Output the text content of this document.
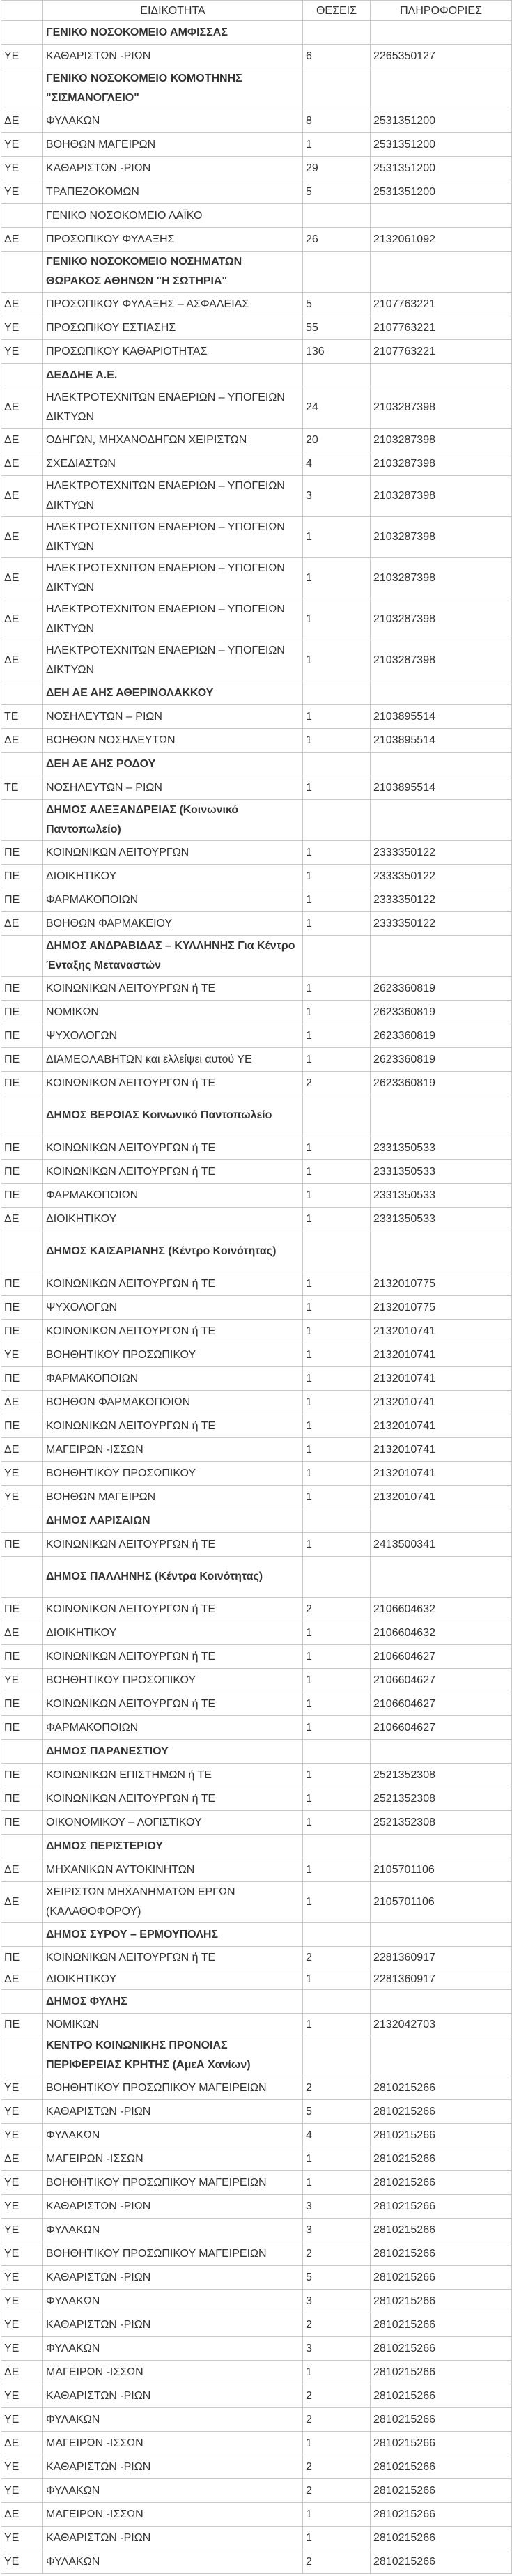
	ΕΙΔΙΚΟΤΗΤΑ	ΘΕΣΕΙΣ	ΠΛΗΡΟΦΟΡΙΕΣ
	ΓΕΝΙΚΟ ΝΟΣΟΚΟΜΕΙΟ ΑΜΦΙΣΣΑΣ		
ΥΕ	ΚΑΘΑΡΙΣΤΩΝ -ΡΙΩΝ	6	2265350127
	ΓΕΝΙΚΟ ΝΟΣΟΚΟΜΕΙΟ ΚΟΜΟΤΗΝΗΣ "ΣΙΣΜΑΝΟΓΛΕΙΟ"		
ΔΕ	ΦΥΛΑΚΩΝ	8	2531351200
ΥΕ	ΒΟΗΘΩΝ ΜΑΓΕΙΡΩΝ	1	2531351200
ΥΕ	ΚΑΘΑΡΙΣΤΩΝ -ΡΙΩΝ	29	2531351200
ΥΕ	ΤΡΑΠΕΖΟΚΟΜΩΝ	5	2531351200
	ΓΕΝΙΚΟ ΝΟΣΟΚΟΜΕΙΟ ΛΑΪΚΟ		
ΔΕ	ΠΡΟΣΩΠΙΚΟΥ ΦΥΛΑΞΗΣ	26	2132061092
	ΓΕΝΙΚΟ ΝΟΣΟΚΟΜΕΙΟ ΝΟΣΗΜΑΤΩΝ ΘΩΡΑΚΟΣ ΑΘΗΝΩΝ "Η ΣΩΤΗΡΙΑ"		
ΔΕ	ΠΡΟΣΩΠΙΚΟΥ ΦΥΛΑΞΗΣ – ΑΣΦΑΛΕΙΑΣ	5	2107763221
ΥΕ	ΠΡΟΣΩΠΙΚΟΥ ΕΣΤΙΑΣΗΣ	55	2107763221
ΥΕ	ΠΡΟΣΩΠΙΚΟΥ ΚΑΘΑΡΙΟΤΗΤΑΣ	136	2107763221
	ΔΕΔΔΗΕ Α.Ε.		
ΔΕ	ΗΛΕΚΤΡΟΤΕΧΝΙΤΩΝ ΕΝΑΕΡΙΩΝ – ΥΠΟΓΕΙΩΝ ΔΙΚΤΥΩΝ	24	2103287398
ΔΕ	ΟΔΗΓΩΝ, ΜΗΧΑΝΟΔΗΓΩΝ ΧΕΙΡΙΣΤΩΝ	20	2103287398
ΔΕ	ΣΧΕΔΙΑΣΤΩΝ	4	2103287398
ΔΕ	ΗΛΕΚΤΡΟΤΕΧΝΙΤΩΝ ΕΝΑΕΡΙΩΝ – ΥΠΟΓΕΙΩΝ ΔΙΚΤΥΩΝ	3	2103287398
ΔΕ	ΗΛΕΚΤΡΟΤΕΧΝΙΤΩΝ ΕΝΑΕΡΙΩΝ – ΥΠΟΓΕΙΩΝ ΔΙΚΤΥΩΝ	1	2103287398
ΔΕ	ΗΛΕΚΤΡΟΤΕΧΝΙΤΩΝ ΕΝΑΕΡΙΩΝ – ΥΠΟΓΕΙΩΝ ΔΙΚΤΥΩΝ	1	2103287398
ΔΕ	ΗΛΕΚΤΡΟΤΕΧΝΙΤΩΝ ΕΝΑΕΡΙΩΝ – ΥΠΟΓΕΙΩΝ ΔΙΚΤΥΩΝ	1	2103287398
ΔΕ	ΗΛΕΚΤΡΟΤΕΧΝΙΤΩΝ ΕΝΑΕΡΙΩΝ – ΥΠΟΓΕΙΩΝ ΔΙΚΤΥΩΝ	1	2103287398
	ΔΕΗ ΑΕ ΑΗΣ ΑΘΕΡΙΝΟΛΑΚΚΟΥ		
ΤΕ	ΝΟΣΗΛΕΥΤΩΝ – ΡΙΩΝ	1	2103895514
ΔΕ	ΒΟΗΘΩΝ ΝΟΣΗΛΕΥΤΩΝ	1	2103895514
	ΔΕΗ ΑΕ ΑΗΣ ΡΟΔΟΥ		
ΤΕ	ΝΟΣΗΛΕΥΤΩΝ – ΡΙΩΝ	1	2103895514
	ΔΗΜΟΣ ΑΛΕΞΑΝΔΡΕΙΑΣ (Κοινωνικό Παντοπωλείο)		
ΠΕ	ΚΟΙΝΩΝΙΚΩΝ ΛΕΙΤΟΥΡΓΩΝ	1	2333350122
ΠΕ	ΔΙΟΙΚΗΤΙΚΟΥ	1	2333350122
ΠΕ	ΦΑΡΜΑΚΟΠΟΙΩΝ	1	2333350122
ΔΕ	ΒΟΗΘΩΝ ΦΑΡΜΑΚΕΙΟΥ	1	2333350122
	ΔΗΜΟΣ ΑΝΔΡΑΒΙΔΑΣ – ΚΥΛΛΗΝΗΣ Για Κέντρο Ένταξης Μεταναστών		
ΠΕ	ΚΟΙΝΩΝΙΚΩΝ ΛΕΙΤΟΥΡΓΩΝ ή ΤΕ	1	2623360819
ΠΕ	ΝΟΜΙΚΩΝ	1	2623360819
ΠΕ	ΨΥΧΟΛΟΓΩΝ	1	2623360819
ΠΕ	ΔΙΑΜΕΟΛΑΒΗΤΩΝ και ελλείψει αυτού ΥΕ	1	2623360819
ΠΕ	ΚΟΙΝΩΝΙΚΩΝ ΛΕΙΤΟΥΡΓΩΝ ή ΤΕ	2	2623360819
	ΔΗΜΟΣ ΒΕΡΟΙΑΣ Κοινωνικό Παντοπωλείο		
ΠΕ	ΚΟΙΝΩΝΙΚΩΝ ΛΕΙΤΟΥΡΓΩΝ ή ΤΕ	1	2331350533
ΠΕ	ΚΟΙΝΩΝΙΚΩΝ ΛΕΙΤΟΥΡΓΩΝ ή ΤΕ	1	2331350533
ΠΕ	ΦΑΡΜΑΚΟΠΟΙΩΝ	1	2331350533
ΔΕ	ΔΙΟΙΚΗΤΙΚΟΥ	1	2331350533
	ΔΗΜΟΣ ΚΑΙΣΑΡΙΑΝΗΣ (Κέντρο Κοινότητας)		
ΠΕ	ΚΟΙΝΩΝΙΚΩΝ ΛΕΙΤΟΥΡΓΩΝ ή ΤΕ	1	2132010775
ΠΕ	ΨΥΧΟΛΟΓΩΝ	1	2132010775
ΠΕ	ΚΟΙΝΩΝΙΚΩΝ ΛΕΙΤΟΥΡΓΩΝ ή ΤΕ	1	2132010741
ΥΕ	ΒΟΗΘΗΤΙΚΟΥ ΠΡΟΣΩΠΙΚΟΥ	1	2132010741
ΠΕ	ΦΑΡΜΑΚΟΠΟΙΩΝ	1	2132010741
ΔΕ	ΒΟΗΘΩΝ ΦΑΡΜΑΚΟΠΟΙΩΝ	1	2132010741
ΠΕ	ΚΟΙΝΩΝΙΚΩΝ ΛΕΙΤΟΥΡΓΩΝ ή ΤΕ	1	2132010741
ΔΕ	ΜΑΓΕΙΡΩΝ -ΙΣΣΩΝ	1	2132010741
ΥΕ	ΒΟΗΘΗΤΙΚΟΥ ΠΡΟΣΩΠΙΚΟΥ	1	2132010741
ΥΕ	ΒΟΗΘΩΝ ΜΑΓΕΙΡΩΝ	1	2132010741
	ΔΗΜΟΣ ΛΑΡΙΣΑΙΩΝ		
ΠΕ	ΚΟΙΝΩΝΙΚΩΝ ΛΕΙΤΟΥΡΓΩΝ ή ΤΕ	1	2413500341
	ΔΗΜΟΣ ΠΑΛΛΗΝΗΣ (Κέντρα Κοινότητας)		
ΠΕ	ΚΟΙΝΩΝΙΚΩΝ ΛΕΙΤΟΥΡΓΩΝ ή ΤΕ	2	2106604632
ΔΕ	ΔΙΟΙΚΗΤΙΚΟΥ	1	2106604632
ΠΕ	ΚΟΙΝΩΝΙΚΩΝ ΛΕΙΤΟΥΡΓΩΝ ή ΤΕ	1	2106604627
ΥΕ	ΒΟΗΘΗΤΙΚΟΥ ΠΡΟΣΩΠΙΚΟΥ	1	2106604627
ΠΕ	ΚΟΙΝΩΝΙΚΩΝ ΛΕΙΤΟΥΡΓΩΝ ή ΤΕ	1	2106604627
ΠΕ	ΦΑΡΜΑΚΟΠΟΙΩΝ	1	2106604627
	ΔΗΜΟΣ ΠΑΡΑΝΕΣΤΙΟΥ		
ΠΕ	ΚΟΙΝΩΝΙΚΩΝ ΕΠΙΣΤΗΜΩΝ ή ΤΕ	1	2521352308
ΠΕ	ΚΟΙΝΩΝΙΚΩΝ ΛΕΙΤΟΥΡΓΩΝ ή ΤΕ	1	2521352308
ΠΕ	ΟΙΚΟΝΟΜΙΚΟΥ – ΛΟΓΙΣΤΙΚΟΥ	1	2521352308
	ΔΗΜΟΣ ΠΕΡΙΣΤΕΡΙΟΥ		
ΔΕ	ΜΗΧΑΝΙΚΩΝ ΑΥΤΟΚΙΝΗΤΩΝ	1	2105701106
ΔΕ	ΧΕΙΡΙΣΤΩΝ ΜΗΧΑΝΗΜΑΤΩΝ ΕΡΓΩΝ (ΚΑΛΑΘΟΦΟΡΟΥ)	1	2105701106
	ΔΗΜΟΣ ΣΥΡΟΥ – ΕΡΜΟΥΠΟΛΗΣ		
ΠΕ	ΚΟΙΝΩΝΙΚΩΝ ΛΕΙΤΟΥΡΓΩΝ ή ΤΕ	2	2281360917
ΔΕ	ΔΙΟΙΚΗΤΙΚΟΥ	1	2281360917
	ΔΗΜΟΣ ΦΥΛΗΣ		
ΠΕ	ΝΟΜΙΚΩΝ	1	2132042703
	ΚΕΝΤΡΟ ΚΟΙΝΩΝΙΚΗΣ ΠΡΟΝΟΙΑΣ ΠΕΡΙΦΕΡΕΙΑΣ ΚΡΗΤΗΣ (ΑμεΑ Χανίων)		
ΥΕ	ΒΟΗΘΗΤΙΚΟΥ ΠΡΟΣΩΠΙΚΟΥ ΜΑΓΕΙΡΕΙΩΝ	2	2810215266
ΥΕ	ΚΑΘΑΡΙΣΤΩΝ -ΡΙΩΝ	5	2810215266
ΥΕ	ΦΥΛΑΚΩΝ	4	2810215266
ΔΕ	ΜΑΓΕΙΡΩΝ -ΙΣΣΩΝ	1	2810215266
ΥΕ	ΒΟΗΘΗΤΙΚΟΥ ΠΡΟΣΩΠΙΚΟΥ ΜΑΓΕΙΡΕΙΩΝ	1	2810215266
ΥΕ	ΚΑΘΑΡΙΣΤΩΝ -ΡΙΩΝ	3	2810215266
ΥΕ	ΦΥΛΑΚΩΝ	3	2810215266
ΥΕ	ΒΟΗΘΗΤΙΚΟΥ ΠΡΟΣΩΠΙΚΟΥ ΜΑΓΕΙΡΕΙΩΝ	2	2810215266
ΥΕ	ΚΑΘΑΡΙΣΤΩΝ -ΡΙΩΝ	5	2810215266
ΥΕ	ΦΥΛΑΚΩΝ	3	2810215266
ΥΕ	ΚΑΘΑΡΙΣΤΩΝ -ΡΙΩΝ	2	2810215266
ΥΕ	ΦΥΛΑΚΩΝ	3	2810215266
ΔΕ	ΜΑΓΕΙΡΩΝ -ΙΣΣΩΝ	1	2810215266
ΥΕ	ΚΑΘΑΡΙΣΤΩΝ -ΡΙΩΝ	2	2810215266
ΥΕ	ΦΥΛΑΚΩΝ	2	2810215266
ΔΕ	ΜΑΓΕΙΡΩΝ -ΙΣΣΩΝ	1	2810215266
ΥΕ	ΚΑΘΑΡΙΣΤΩΝ -ΡΙΩΝ	2	2810215266
ΥΕ	ΦΥΛΑΚΩΝ	2	2810215266
ΔΕ	ΜΑΓΕΙΡΩΝ -ΙΣΣΩΝ	1	2810215266
ΥΕ	ΚΑΘΑΡΙΣΤΩΝ -ΡΙΩΝ	1	2810215266
ΥΕ	ΦΥΛΑΚΩΝ	2	2810215266
